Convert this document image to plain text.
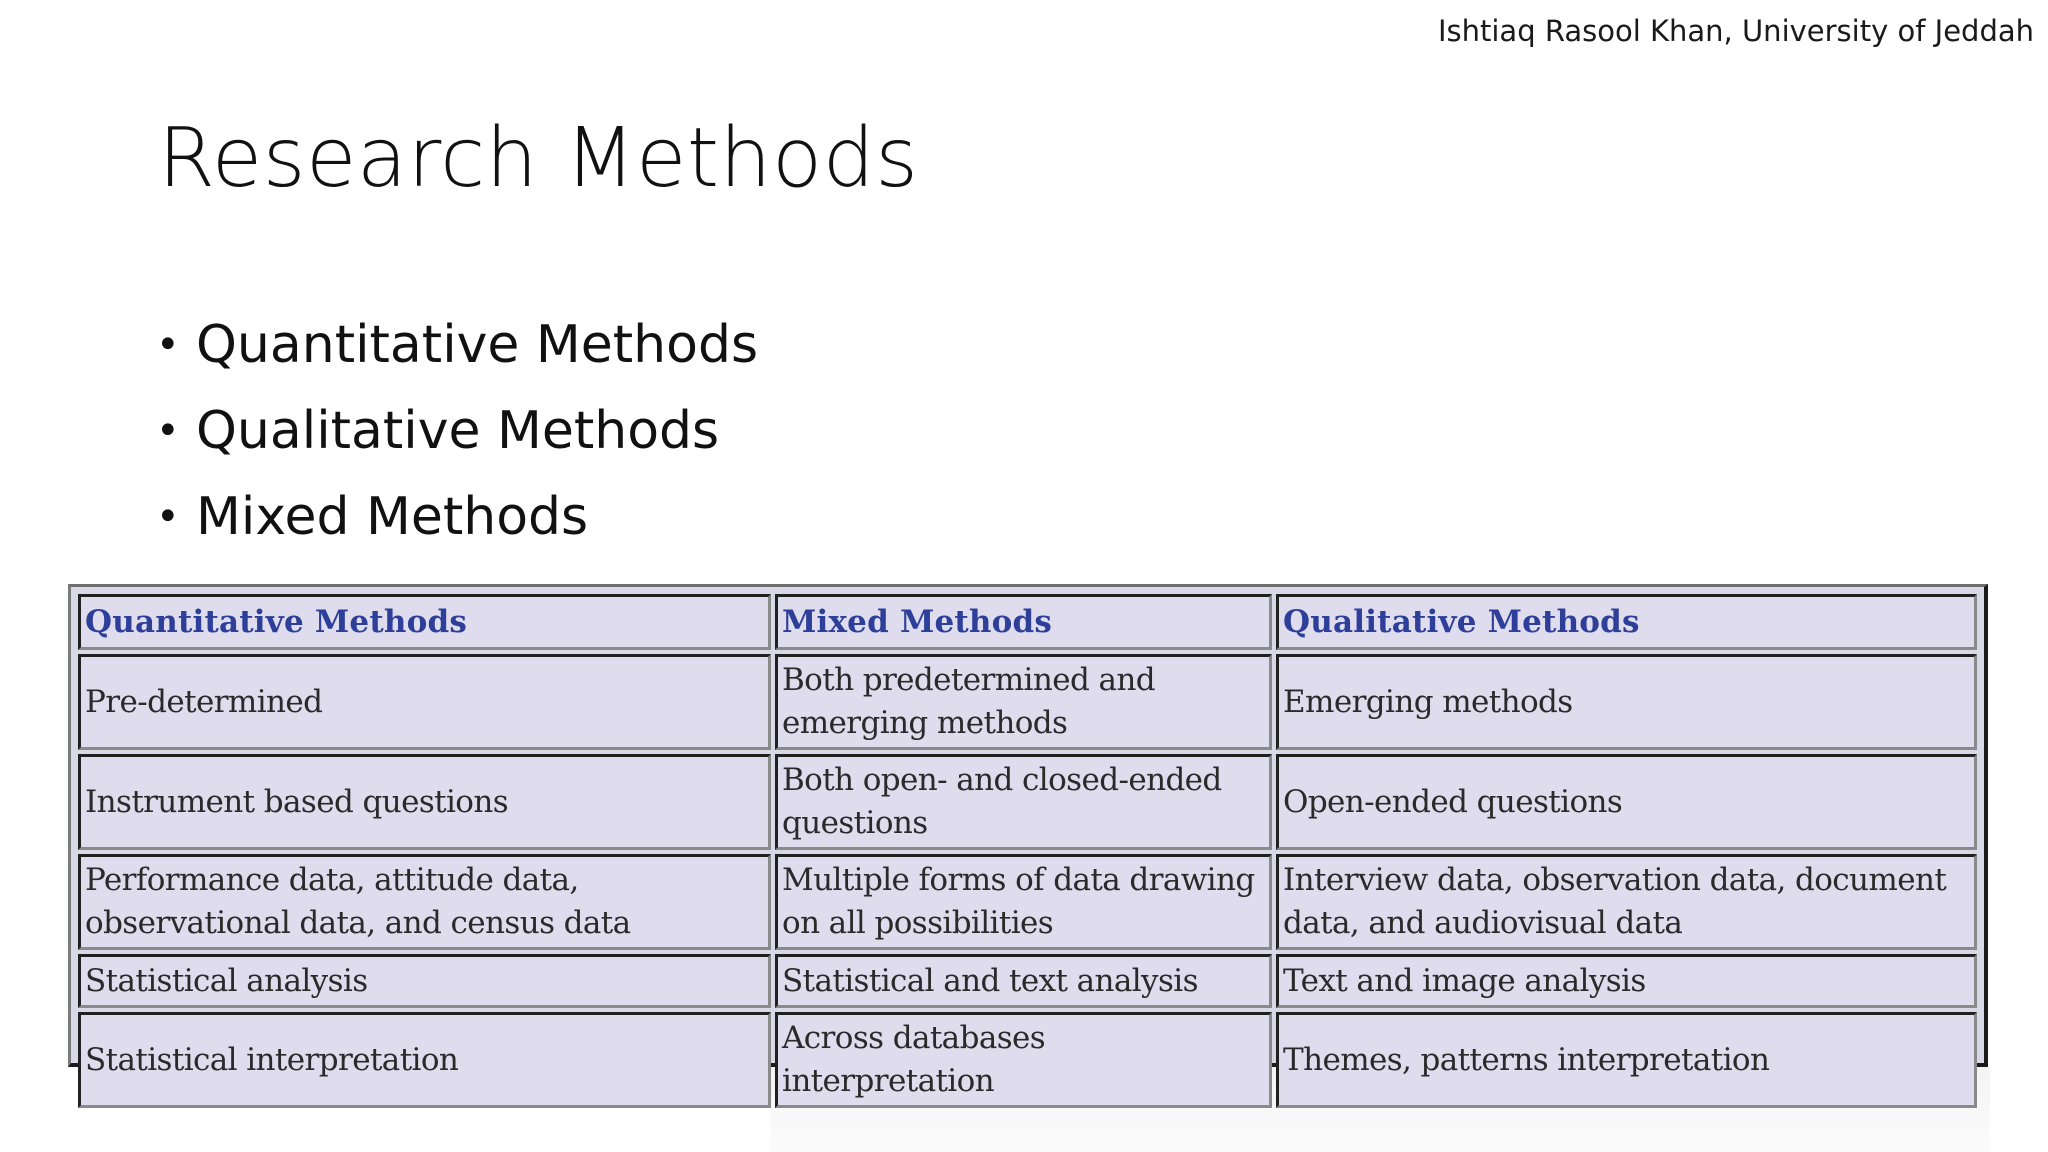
Ishtiaq Rasool Khan, University of Jeddah
Research Methods
• Quantitative Methods
• Qualitative Methods
• Mixed Methods
Quantitative Methods	Mixed Methods	Qualitative Methods
Pre-determined	Both predetermined and emerging methods	Emerging methods
Instrument based questions	Both open- and closed-ended questions	Open-ended questions
Performance data, attitude data, observational data, and census data	Multiple forms of data drawing on all possibilities	Interview data, observation data, document data, and audiovisual data
Statistical analysis	Statistical and text analysis	Text and image analysis
Statistical interpretation	Across databases interpretation	Themes, patterns interpretation
